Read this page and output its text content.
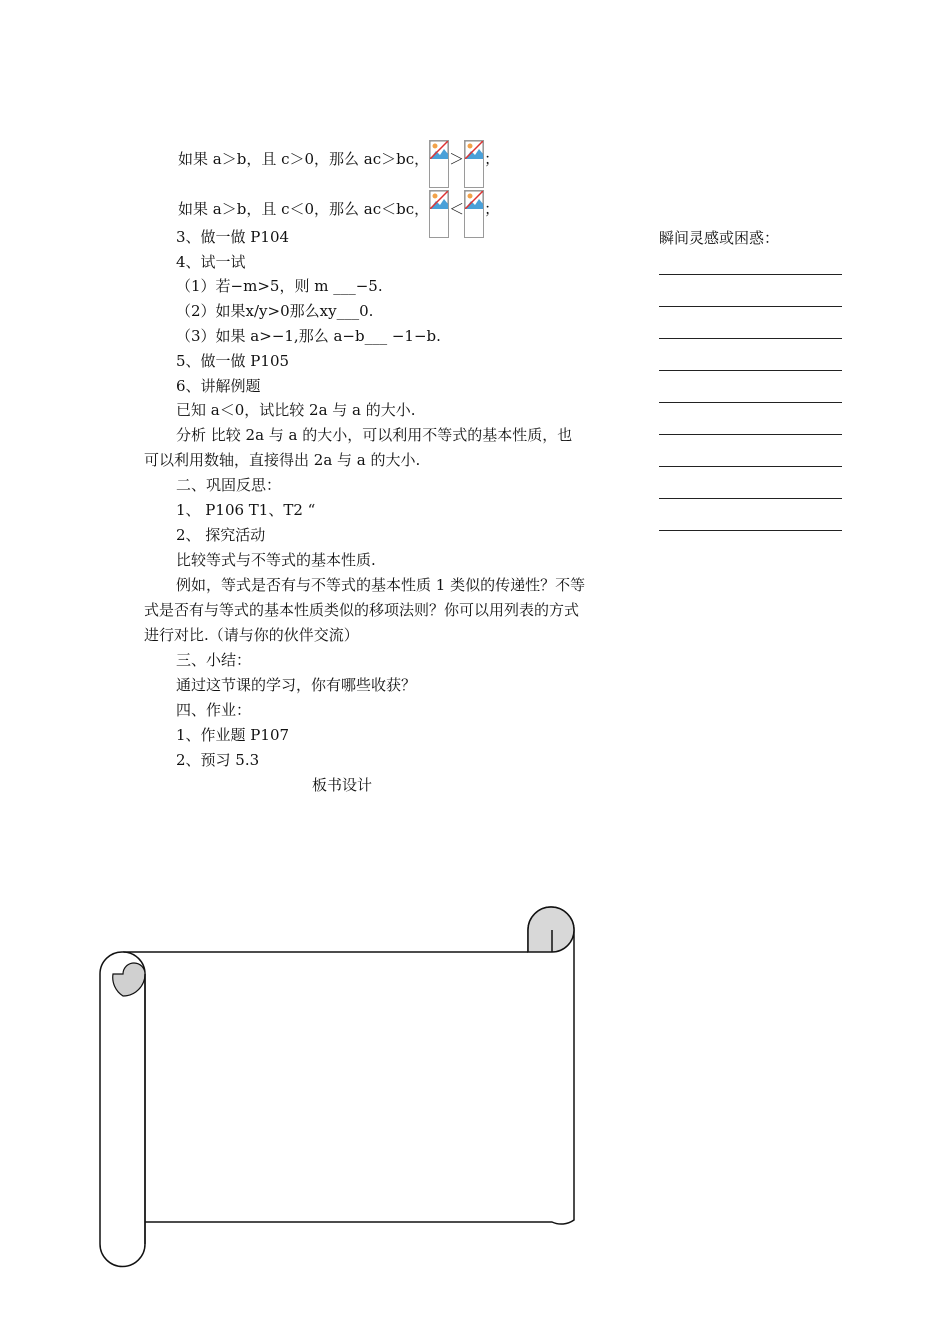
如果 a＞b，且 c＞0，那么 ac＞bc， ＞ ；
如果 a＞b，且 c＜0，那么 ac＜bc， ＜ ；
3、做一做 P104
4、试一试
（1）若−m>5，则 m ___−5.
（2）如果x/y>0那么xy___0.
（3）如果 a>−1,那么 a−b___ −1−b.
5、做一做 P105
6、讲解例题
已知 a＜0，试比较 2a 与 a 的大小.
分析 比较 2a 与 a 的大小，可以利用不等式的基本性质，也
可以利用数轴，直接得出 2a 与 a 的大小.
二、巩固反思：
1、 P106 T1、T2 “
2、 探究活动
比较等式与不等式的基本性质.
例如，等式是否有与不等式的基本性质 1 类似的传递性？不等
式是否有与等式的基本性质类似的移项法则？你可以用列表的方式
进行对比.（请与你的伙伴交流）
三、小结：
通过这节课的学习，你有哪些收获？
四、作业：
1、作业题 P107
2、预习 5.3
板书设计
瞬间灵感或困惑：
